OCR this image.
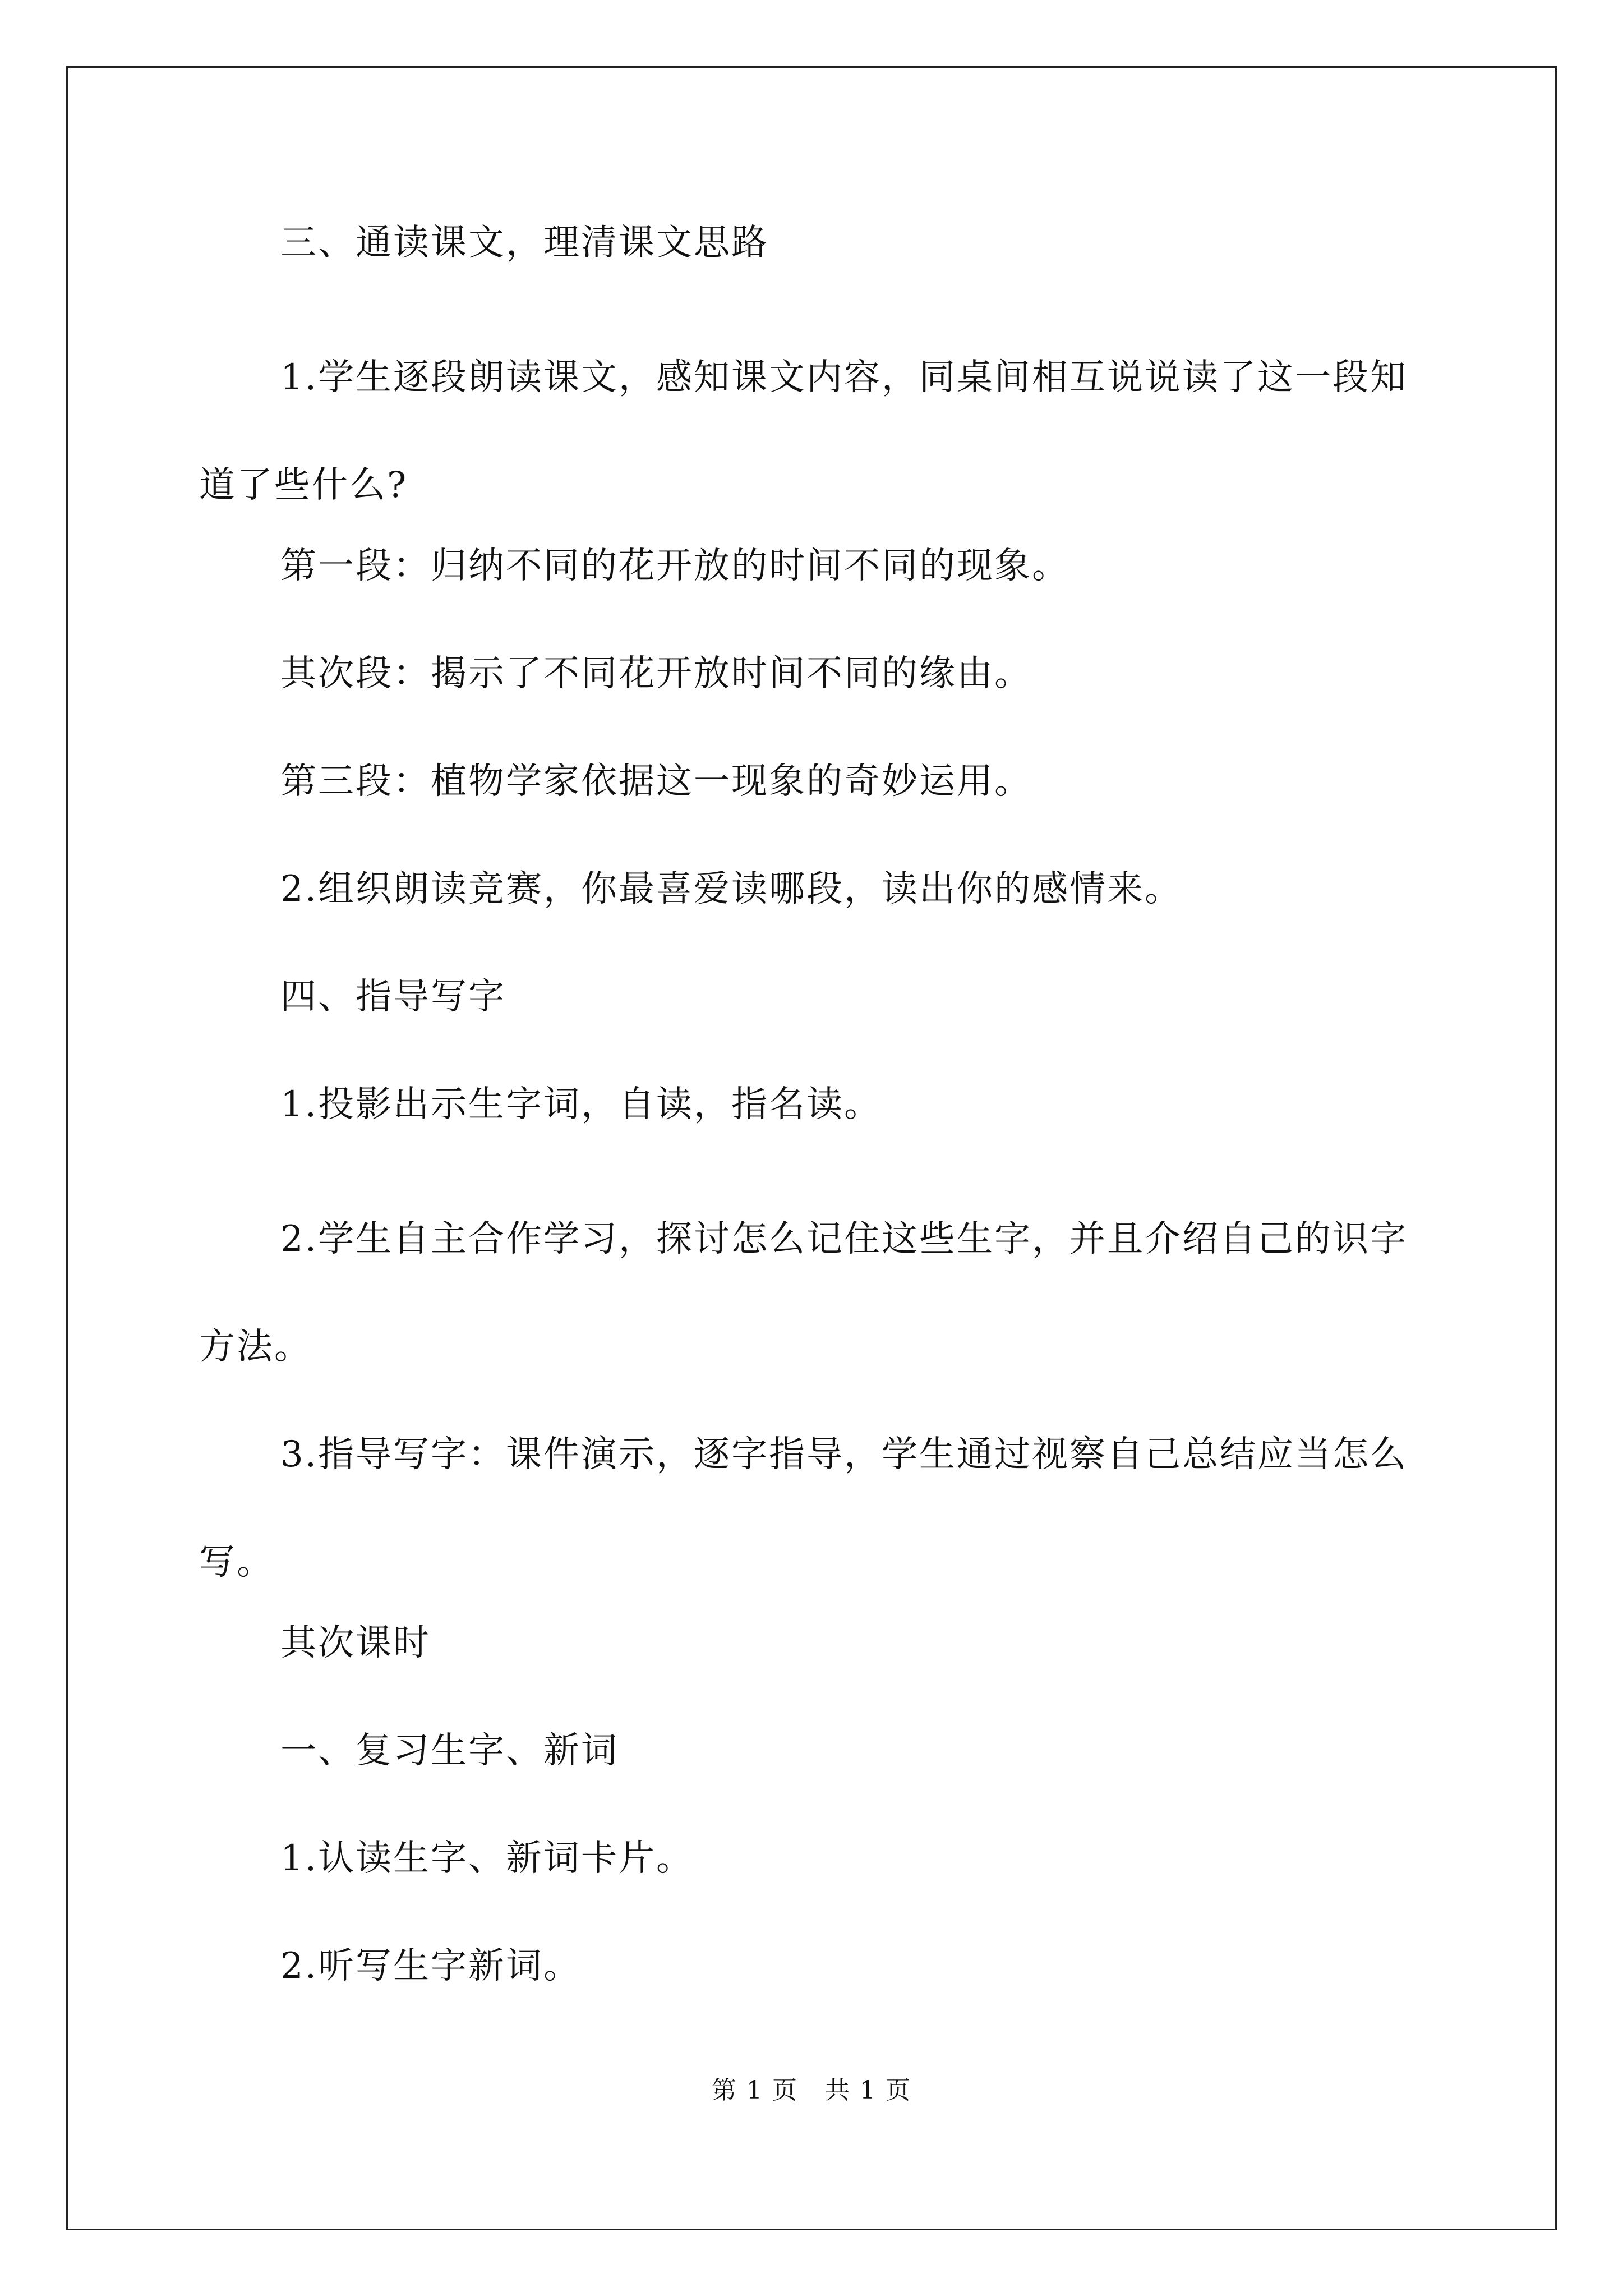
三、通读课文，理清课文思路

1.学生逐段朗读课文，感知课文内容，同桌间相互说说读了这一段知道了些什么?

第一段：归纳不同的花开放的时间不同的现象。

其次段：揭示了不同花开放时间不同的缘由。

第三段：植物学家依据这一现象的奇妙运用。

2.组织朗读竞赛，你最喜爱读哪段，读出你的感情来。

四、指导写字

1.投影出示生字词，自读，指名读。

2.学生自主合作学习，探讨怎么记住这些生字，并且介绍自己的识字方法。

3.指导写字：课件演示，逐字指导，学生通过视察自己总结应当怎么写。

其次课时

一、复习生字、新词

1.认读生字、新词卡片。

2.听写生字新词。

第 1 页   共 1 页
